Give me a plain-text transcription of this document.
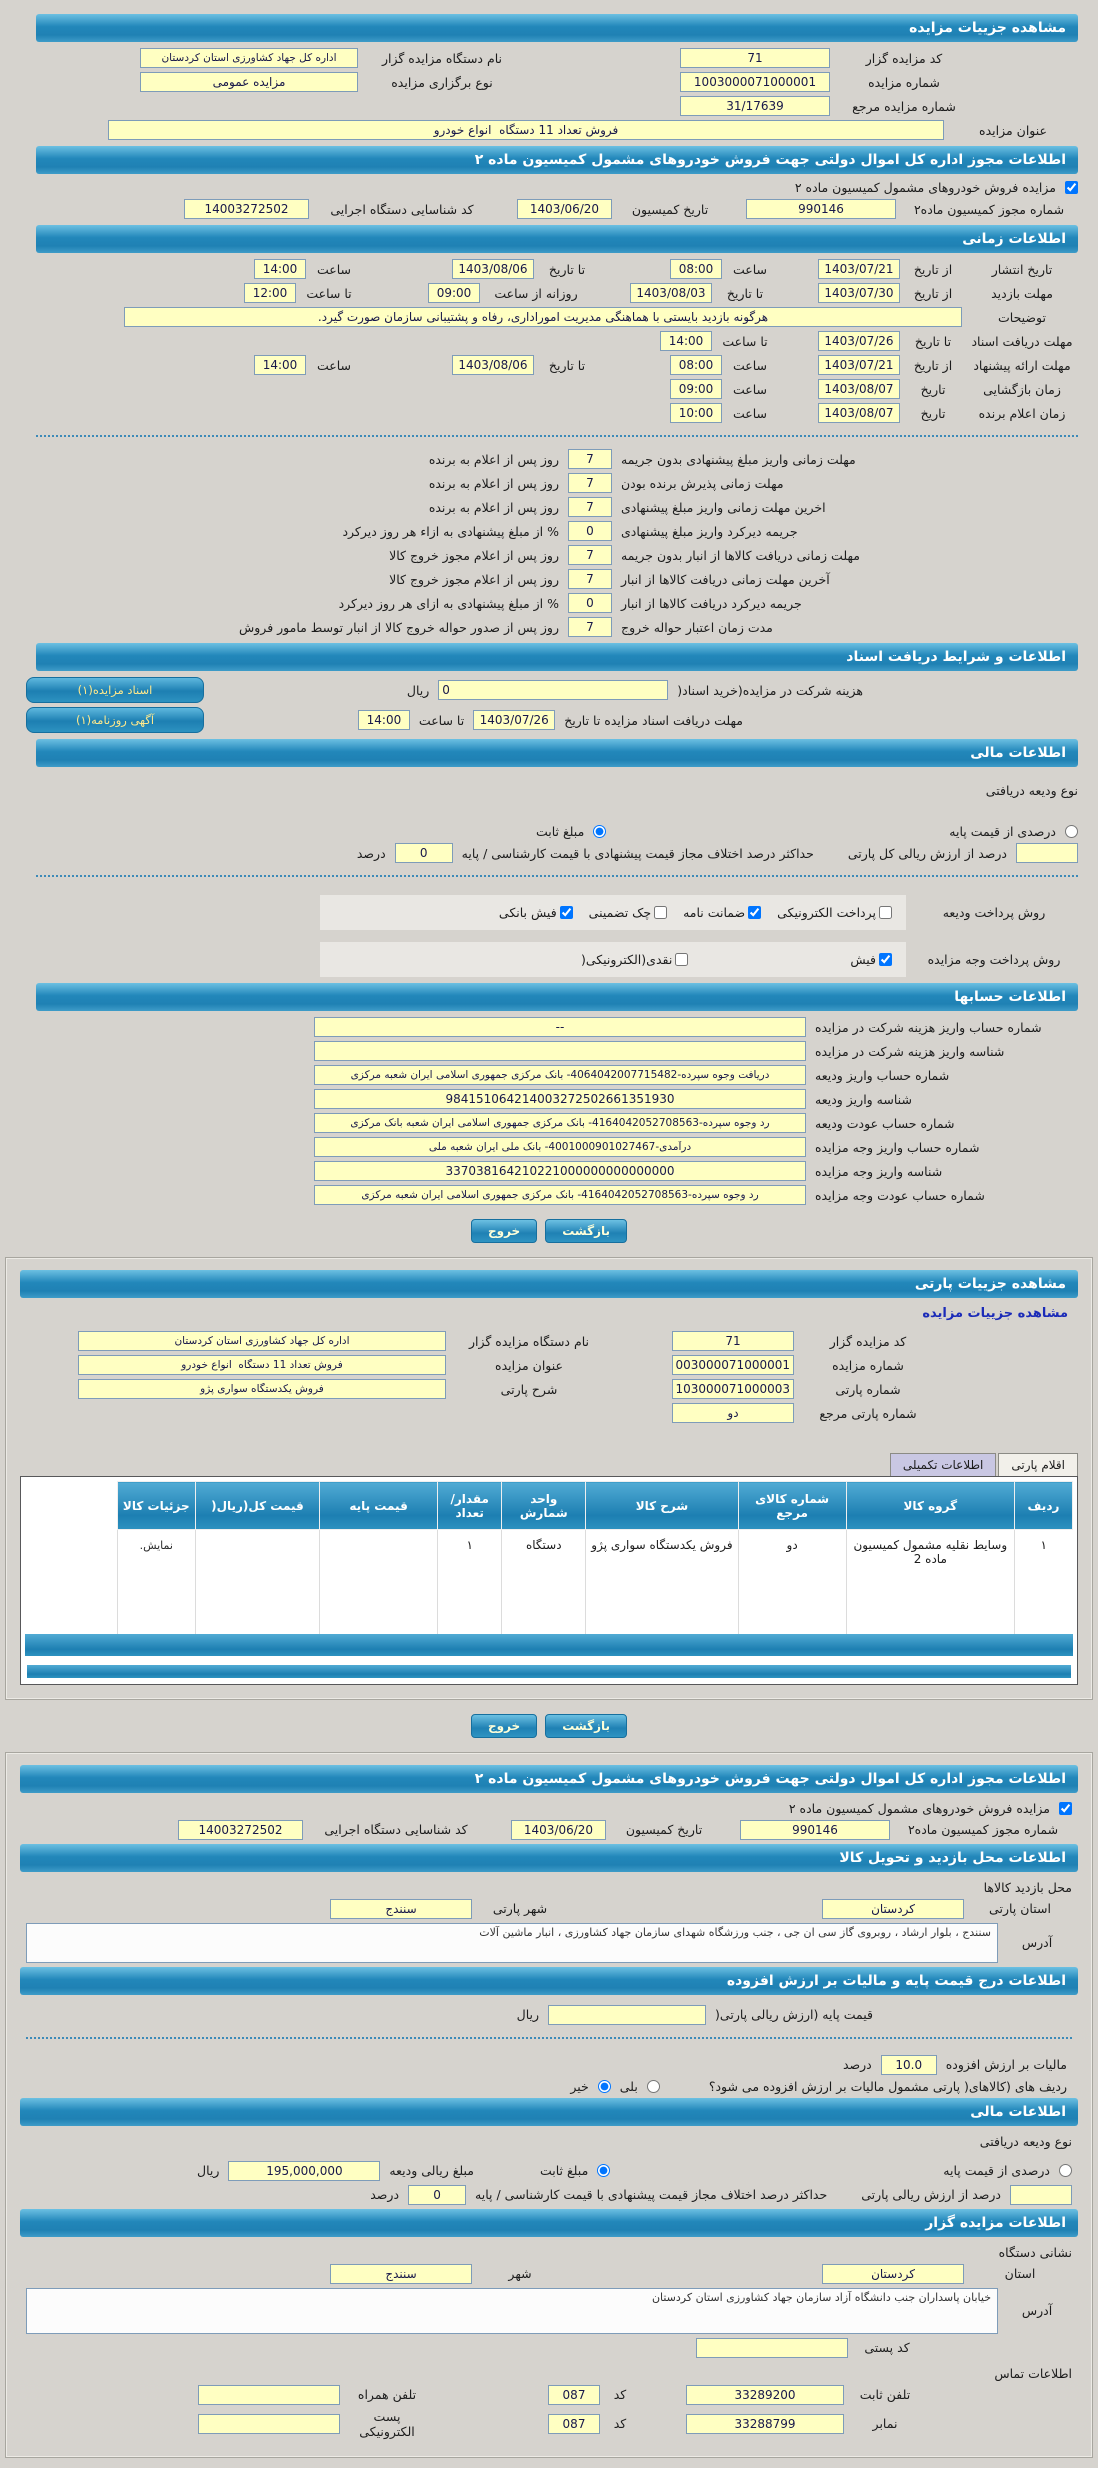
مشاهده جزییات مزایده
کد مزایده گزار
71
نام دستگاه مزایده گزار
اداره کل جهاد کشاورزی استان کردستان
شماره مزایده
1003000071000001
نوع برگزاری مزایده
مزایده عمومی
شماره مزایده مرجع
31/17639
عنوان مزایده
فروش تعداد 11 دستگاه انواع خودرو
اطلاعات مجوز اداره کل اموال دولتی جهت فروش خودروهای مشمول کمیسیون ماده ۲
مزایده فروش خودروهای مشمول کمیسیون ماده ۲
شماره مجوز کمیسیون ماده۲
990146
تاریخ کمیسیون
1403/06/20
کد شناسایی دستگاه اجرایی
14003272502
اطلاعات زمانی
تاریخ انتشار
از تاریخ
1403/07/21
ساعت
08:00
تا تاریخ
1403/08/06
ساعت
14:00
مهلت بازدید
از تاریخ
1403/07/30
تا تاریخ
1403/08/03
روزانه از ساعت
09:00
تا ساعت
12:00
توضیحات
هرگونه بازدید بایستی با هماهنگی مدیریت اموراداری، رفاه و پشتیبانی سازمان صورت گیرد.
مهلت دریافت اسناد
تا تاریخ
1403/07/26
تا ساعت
14:00
مهلت ارائه پیشنهاد
از تاریخ
1403/07/21
ساعت
08:00
تا تاریخ
1403/08/06
ساعت
14:00
زمان بازگشایی
تاریخ
1403/08/07
ساعت
09:00
زمان اعلام برنده
تاریخ
1403/08/07
ساعت
10:00
مهلت زمانی واریز مبلغ پیشنهادی بدون جریمه
7
روز پس از اعلام به برنده
مهلت زمانی پذیرش برنده بودن
7
روز پس از اعلام به برنده
اخرین مهلت زمانی واریز مبلغ پیشنهادی
7
روز پس از اعلام به برنده
جریمه دیرکرد واریز مبلغ پیشنهادی
0
% از مبلغ پیشنهادی به ازاء هر روز دیرکرد
مهلت زمانی دریافت کالاها از انبار بدون جریمه
7
روز پس از اعلام مجوز خروج کالا
آخرین مهلت زمانی دریافت کالاها از انبار
7
روز پس از اعلام مجوز خروج کالا
جریمه دیرکرد دریافت کالاها از انبار
0
% از مبلغ پیشنهادی به ازای هر روز دیرکرد
مدت زمان اعتبار حواله خروج
7
روز پس از صدور حواله خروج کالا از انبار توسط مامور فروش
اطلاعات و شرایط دریافت اسناد
هزینه شرکت در مزایده(خرید اسناد(
0
ریال
اسناد مزایده(۱)
مهلت دریافت اسناد مزایده تا تاریخ
1403/07/26
تا ساعت
14:00
آگهی روزنامه(۱)
اطلاعات مالی
نوع ودیعه دریافتی
درصدی از قیمت پایه
مبلغ ثابت
درصد از ارزش ریالی کل پارتی
حداکثر درصد اختلاف مجاز قیمت پیشنهادی با قیمت کارشناسی / پایه
0
درصد
روش پرداخت ودیعه
پرداخت الکترونیکی
ضمانت نامه
چک تضمینی
فیش بانکی
روش پرداخت وجه مزایده
فیش
نقدی(الکترونیکی(
اطلاعات حسابها
شماره حساب واریز هزینه شرکت در مزایده
--
شناسه واریز هزینه شرکت در مزایده
شماره حساب واریز ودیعه
دریافت وجوه سپرده-4064042007715482- بانک مرکزی جمهوری اسلامی ایران شعبه مرکزی
شناسه واریز ودیعه
984151064214003272502661351930
شماره حساب عودت ودیعه
رد وجوه سپرده-4164042052708563- بانک مرکزی جمهوری اسلامی ایران شعبه بانک مرکزی
شماره حساب واریز وجه مزایده
درآمدی-4001000901027467- بانک ملی ایران شعبه ملی
شناسه واریز وجه مزایده
337038164210221000000000000000
شماره حساب عودت وجه مزایده
رد وجوه سپرده-4164042052708563- بانک مرکزی جمهوری اسلامی ایران شعبه مرکزی
بازگشت
خروج
مشاهده جزییات پارتی
مشاهده جزییات مزایده
کد مزایده گزار
71
نام دستگاه مزایده گزار
اداره کل جهاد کشاورزی استان کردستان
شماره مزایده
1003000071000001
عنوان مزایده
فروش تعداد 11 دستگاه انواع خودرو
شماره پارتی
1103000071000003
شرح پارتی
فروش یکدستگاه سواری پژو
شماره پارتی مرجع
دو
اقلام پارتی
اطلاعات تکمیلی
ردیف	گروه کالا	شماره کالای مرجع	شرح کالا	واحد شمارش	مقدار/ تعداد	قیمت پایه	قیمت کل(ریال(	جزئیات کالا	
۱	وسایط نقلیه مشمول کمیسیون ماده 2	دو	فروش یکدستگاه سواری پژو	دستگاه	۱			نمایش.	

بازگشت
خروج
اطلاعات مجوز اداره کل اموال دولتی جهت فروش خودروهای مشمول کمیسیون ماده ۲
مزایده فروش خودروهای مشمول کمیسیون ماده ۲
شماره مجوز کمیسیون ماده۲
990146
تاریخ کمیسیون
1403/06/20
کد شناسایی دستگاه اجرایی
14003272502
اطلاعات محل بازدید و تحویل کالا
محل بازدید کالاها
استان پارتی
کردستان
شهر پارتی
سنندج
آدرس
سنندج ، بلوار ارشاد ، روبروی گاز سی ان جی ، جنب ورزشگاه شهدای سازمان جهاد کشاورزی ، انبار ماشین آلات
اطلاعات درج قیمت پایه و مالیات بر ارزش افزوده
قیمت پایه (ارزش ریالی پارتی(
ریال
مالیات بر ارزش افزوده
10.0
درصد
ردیف های (کالاهای( پارتی مشمول مالیات بر ارزش افزوده می شود؟
بلی
خیر
اطلاعات مالی
نوع ودیعه دریافتی
درصدی از قیمت پایه
مبلغ ثابت
مبلغ ریالی ودیعه
195,000,000
ریال
درصد از ارزش ریالی پارتی
حداکثر درصد اختلاف مجاز قیمت پیشنهادی با قیمت کارشناسی / پایه
0
درصد
اطلاعات مزایده گزار
نشانی دستگاه
استان
کردستان
شهر
سنندج
آدرس
خیابان پاسداران جنب دانشگاه آزاد سازمان جهاد کشاورزی استان کردستان
کد پستی
اطلاعات تماس
تلفن ثابت
33289200
کد
087
تلفن همراه
نمابر
33288799
کد
087
پست الکترونیکی
